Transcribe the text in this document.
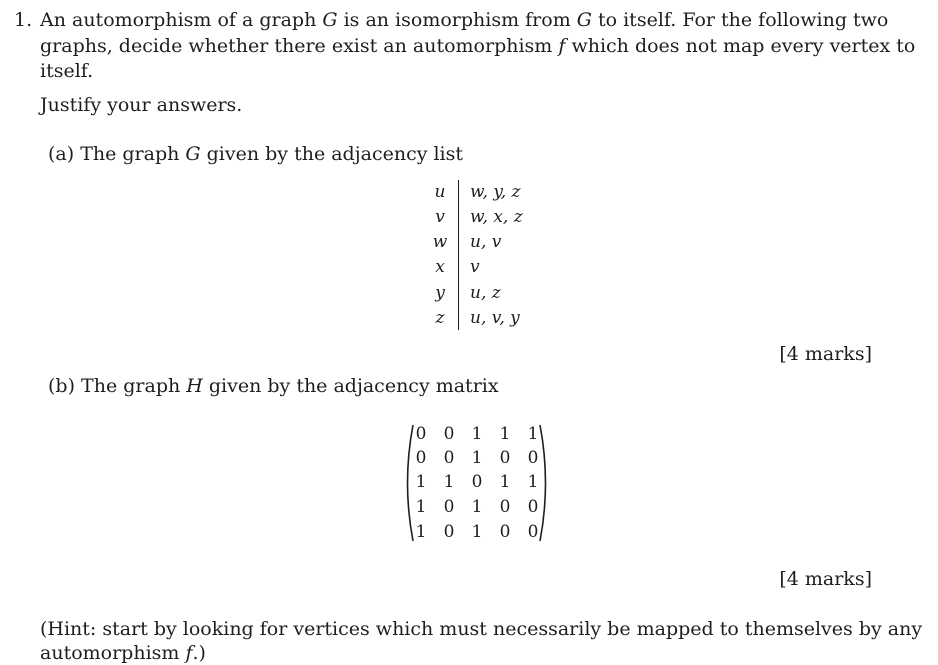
1. An automorphism of a graph G is an isomorphism from G to itself. For the following two
graphs, decide whether there exist an automorphism f which does not map every vertex to
itself.
Justify your answers.
(a) The graph G given by the adjacency list
u	w, y, z
v	w, x, z
w	u, v
x	v
y	u, z
z	u, v, y
[4 marks]
(b) The graph H given by the adjacency matrix
0	0	1	1	1
0	0	1	0	0
1	1	0	1	1
1	0	1	0	0
1	0	1	0	0
[4 marks]
(Hint: start by looking for vertices which must necessarily be mapped to themselves by any
automorphism f.)
